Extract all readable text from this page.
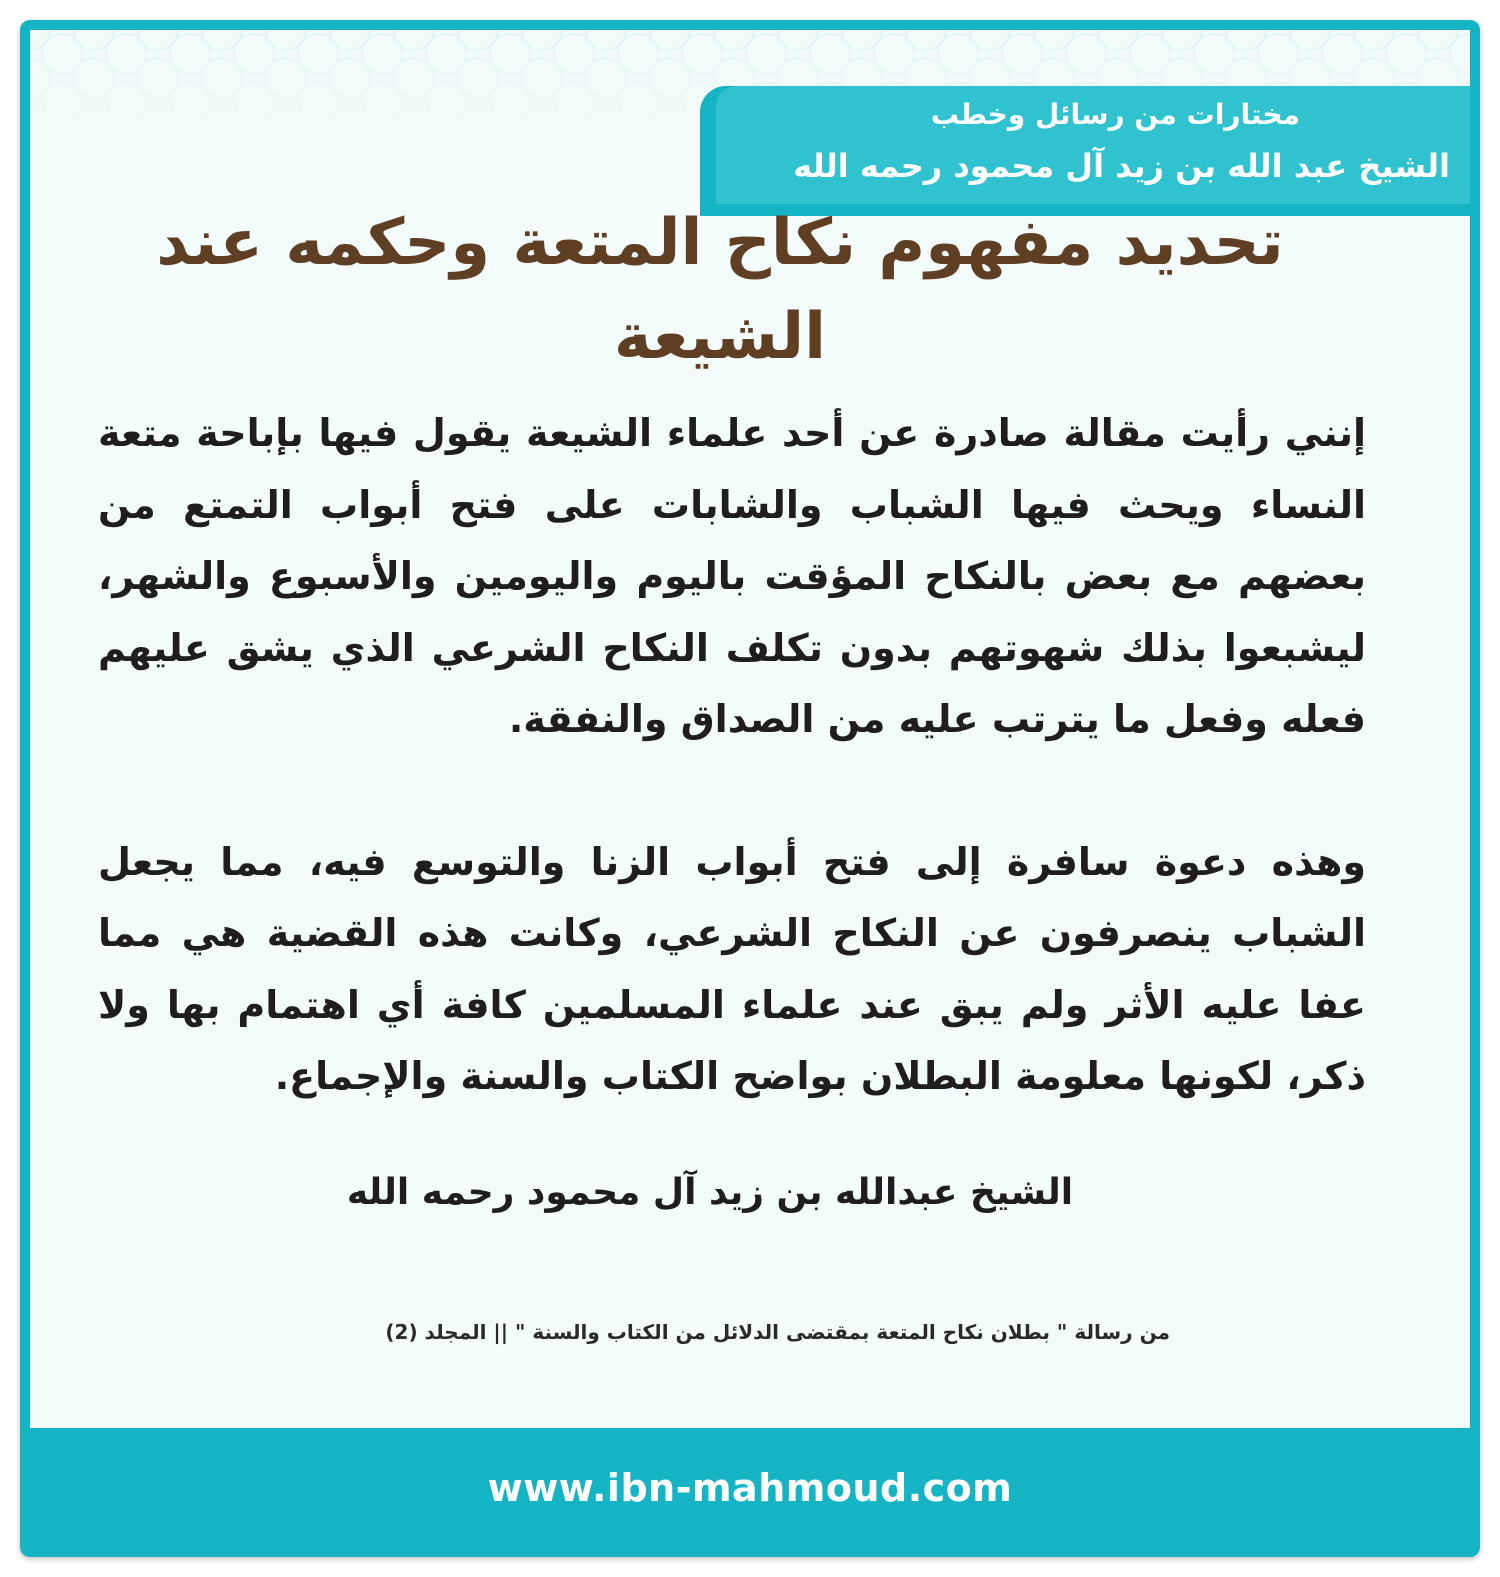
مختارات من رسائل وخطب
الشيخ عبد الله بن زيد آل محمود رحمه الله
تحديد مفهوم نكاح المتعة وحكمه عند الشيعة

إنني رأيت مقالة صادرة عن أحد علماء الشيعة يقول فيها بإباحة متعة النساء ويحث فيها الشباب والشابات على فتح أبواب التمتع من بعضهم مع بعض بالنكاح المؤقت باليوم واليومين والأسبوع والشهر، ليشبعوا بذلك شهوتهم بدون تكلف النكاح الشرعي الذي يشق عليهم فعله وفعل ما يترتب عليه من الصداق والنفقة.

وهذه دعوة سافرة إلى فتح أبواب الزنا والتوسع فيه، مما يجعل الشباب ينصرفون عن النكاح الشرعي، وكانت هذه القضية هي مما عفا عليه الأثر ولم يبق عند علماء المسلمين كافة أي اهتمام بها ولا ذكر، لكونها معلومة البطلان بواضح الكتاب والسنة والإجماع.

الشيخ عبدالله بن زيد آل محمود رحمه الله
من رسالة " بطلان نكاح المتعة بمقتضى الدلائل من الكتاب والسنة " || المجلد (2)
www.ibn-mahmoud.com
